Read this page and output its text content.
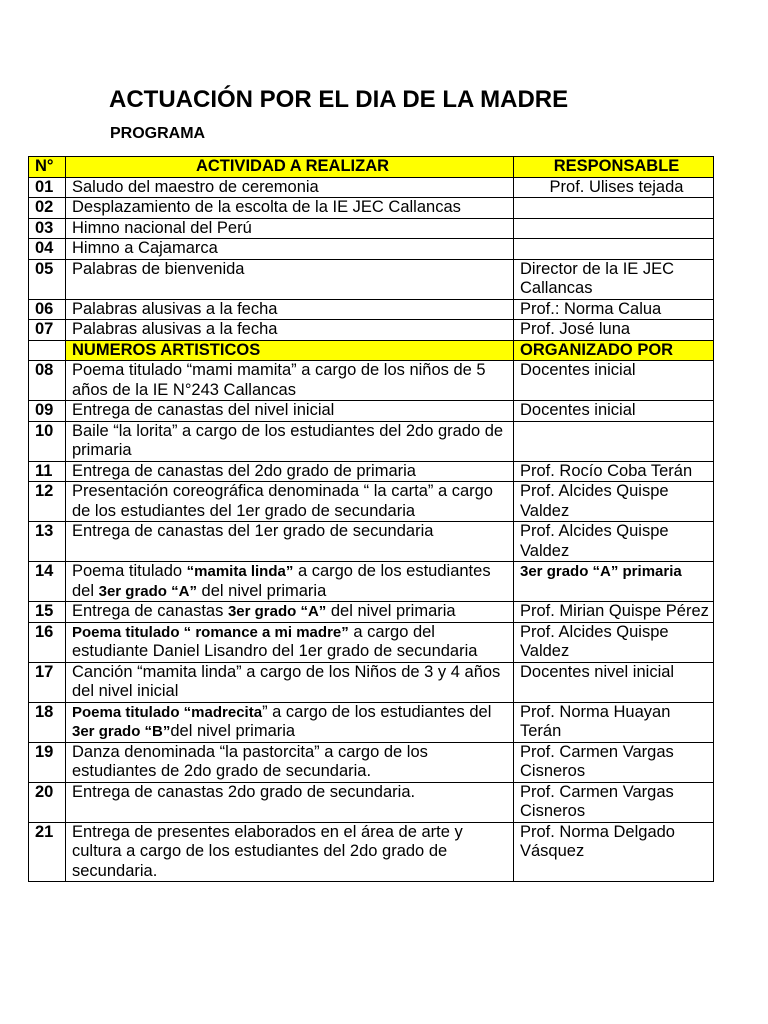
ACTUACIÓN POR EL DIA DE LA MADRE
PROGRAMA
N°	ACTIVIDAD A REALIZAR	RESPONSABLE
01	Saludo del maestro de ceremonia	Prof. Ulises tejada
02	Desplazamiento de la escolta de la IE JEC Callancas	
03	Himno nacional del Perú	
04	Himno a Cajamarca	
05	Palabras de bienvenida	Director de la IE JEC Callancas
06	Palabras alusivas a la fecha	Prof.: Norma Calua
07	Palabras alusivas a la fecha	Prof. José luna
	NUMEROS ARTISTICOS	ORGANIZADO POR
08	Poema titulado “mami mamita” a cargo de los niños de 5 años de la IE N°243 Callancas	Docentes inicial
09	Entrega de canastas del nivel inicial	Docentes inicial
10	Baile “la lorita” a cargo de los estudiantes del 2do grado de primaria	
11	Entrega de canastas del 2do grado de primaria	Prof. Rocío Coba Terán
12	Presentación coreográfica denominada “ la carta” a cargo de los estudiantes del 1er grado de secundaria	Prof. Alcides Quispe Valdez
13	Entrega de canastas del 1er grado de secundaria	Prof. Alcides Quispe Valdez
14	Poema titulado “mamita linda” a cargo de los estudiantes del 3er grado “A” del nivel primaria	3er grado “A” primaria
15	Entrega de canastas 3er grado “A” del nivel primaria	Prof. Mirian Quispe Pérez
16	Poema titulado “ romance a mi madre” a cargo del estudiante Daniel Lisandro del 1er grado de secundaria	Prof. Alcides Quispe Valdez
17	Canción “mamita linda” a cargo de los Niños de 3 y 4 años del nivel inicial	Docentes nivel inicial
18	Poema titulado “madrecita” a cargo de los estudiantes del 3er grado “B”del nivel primaria	Prof. Norma Huayan Terán
19	Danza denominada “la pastorcita” a cargo de los estudiantes de 2do grado de secundaria.	Prof. Carmen Vargas Cisneros
20	Entrega de canastas 2do grado de secundaria.	Prof. Carmen Vargas Cisneros
21	Entrega de presentes elaborados en el área de arte y cultura a cargo de los estudiantes del 2do grado de secundaria.	Prof. Norma Delgado Vásquez
